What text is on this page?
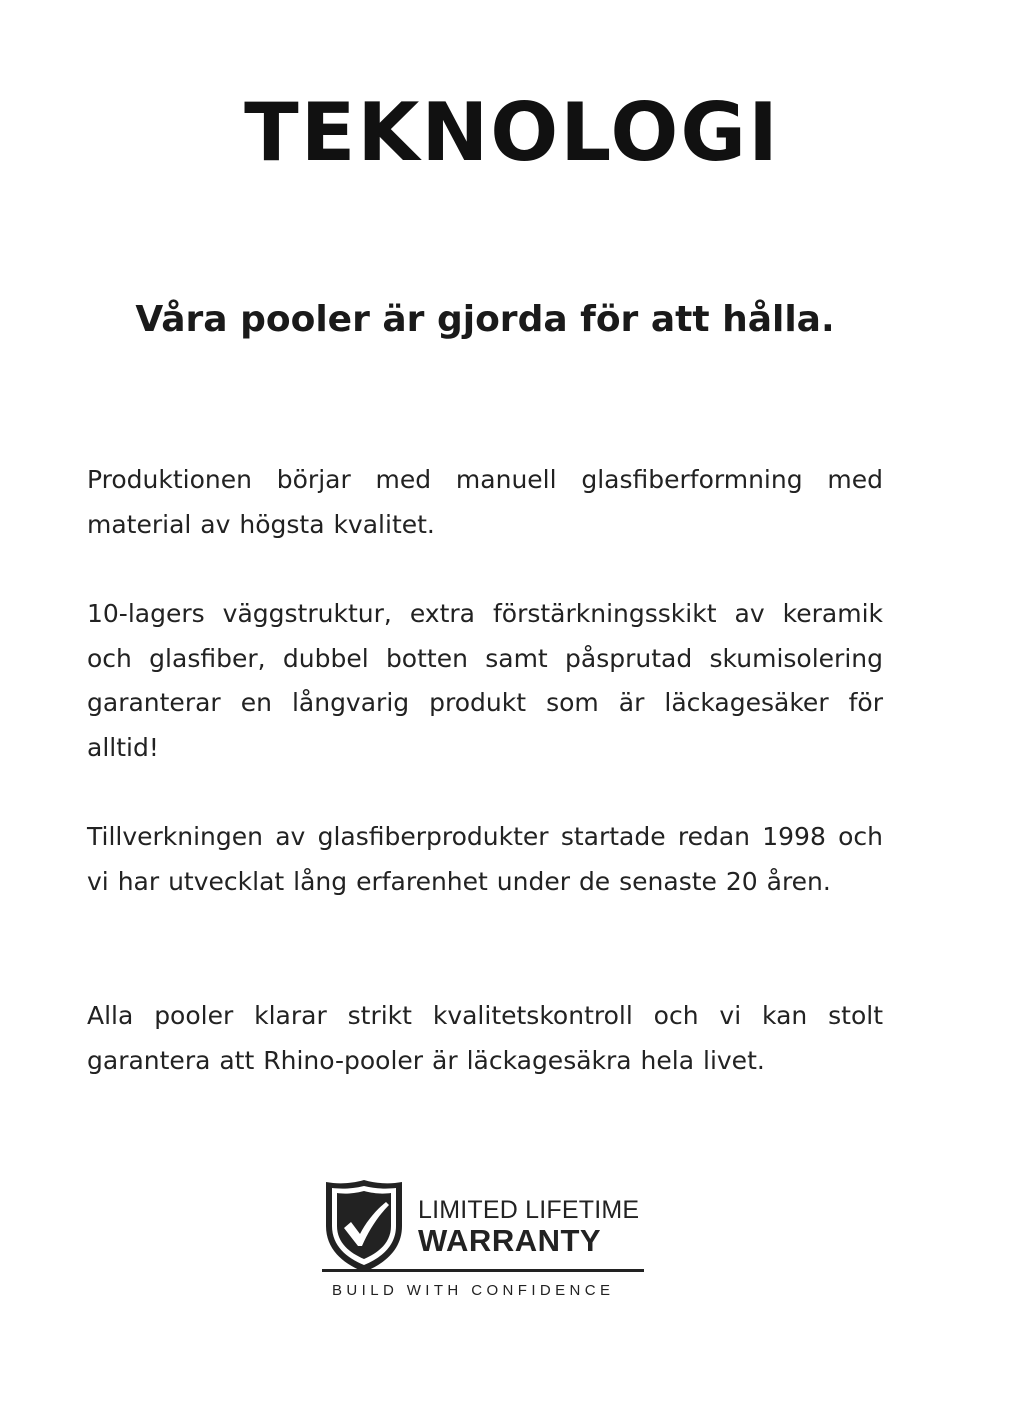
TEKNOLOGI
Våra pooler är gjorda för att hålla.

Produktionen börjar med manuell glasfiberformning med material av högsta kvalitet.

10-lagers väggstruktur, extra förstärkningsskikt av keramik och glasfiber, dubbel botten samt påsprutad skumisolering garanterar en långvarig produkt som är läckagesäker för alltid!

Tillverkningen av glasfiberprodukter startade redan 1998 och vi har utvecklat lång erfarenhet under de senaste 20 åren.

Alla pooler klarar strikt kvalitetskontroll och vi kan stolt garantera att Rhino-pooler är läckagesäkra hela livet.

LIMITED LIFETIME
WARRANTY
BUILD WITH CONFIDENCE
